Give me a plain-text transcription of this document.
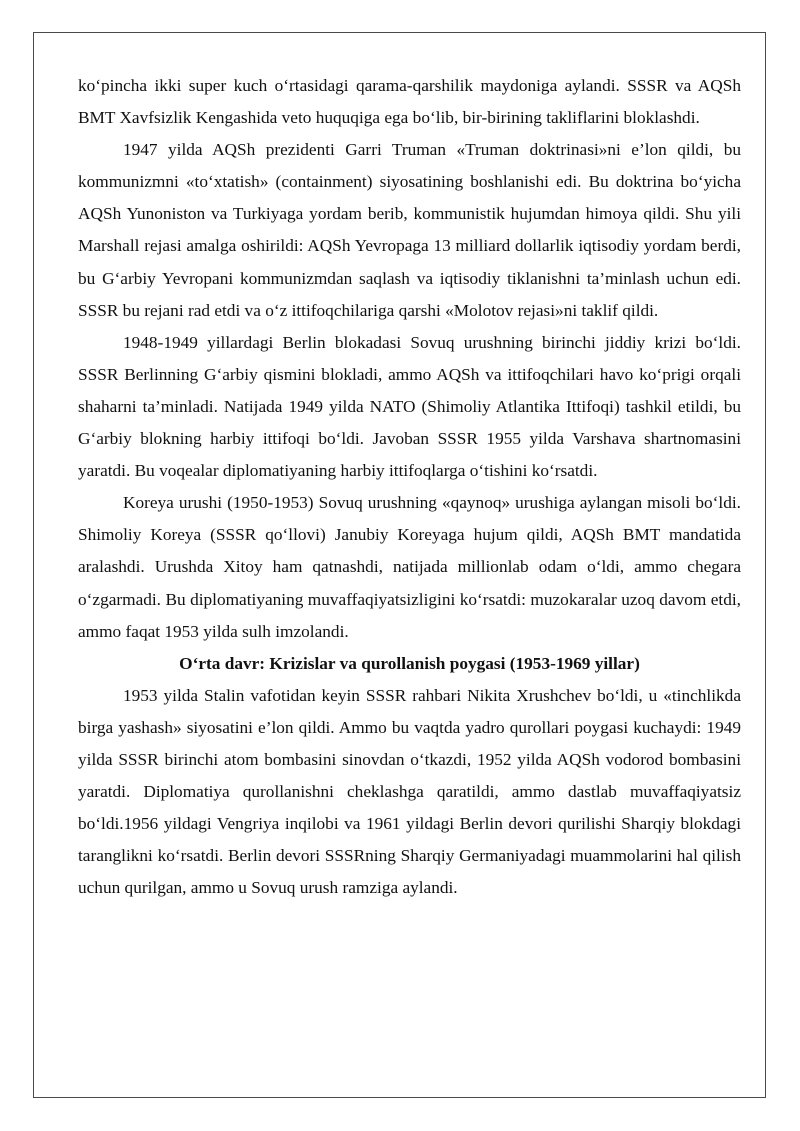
ko‘pincha ikki super kuch o‘rtasidagi qarama-qarshilik maydoniga aylandi. SSSR va AQSh BMT Xavfsizlik Kengashida veto huquqiga ega bo‘lib, bir-birining takliflarini bloklashdi.

1947 yilda AQSh prezidenti Garri Truman «Truman doktrinasi»ni e’lon qildi, bu kommunizmni «to‘xtatish» (containment) siyosatining boshlanishi edi. Bu doktrina bo‘yicha AQSh Yunoniston va Turkiyaga yordam berib, kommunistik hujumdan himoya qildi. Shu yili Marshall rejasi amalga oshirildi: AQSh Yevropaga 13 milliard dollarlik iqtisodiy yordam berdi, bu G‘arbiy Yevropani kommunizmdan saqlash va iqtisodiy tiklanishni ta’minlash uchun edi. SSSR bu rejani rad etdi va o‘z ittifoqchilariga qarshi «Molotov rejasi»ni taklif qildi.

1948-1949 yillardagi Berlin blokadasi Sovuq urushning birinchi jiddiy krizi bo‘ldi. SSSR Berlinning G‘arbiy qismini blokladi, ammo AQSh va ittifoqchilari havo ko‘prigi orqali shaharni ta’minladi. Natijada 1949 yilda NATO (Shimoliy Atlantika Ittifoqi) tashkil etildi, bu G‘arbiy blokning harbiy ittifoqi bo‘ldi. Javoban SSSR 1955 yilda Varshava shartnomasini yaratdi. Bu voqealar diplomatiyaning harbiy ittifoqlarga o‘tishini ko‘rsatdi.

Koreya urushi (1950-1953) Sovuq urushning «qaynoq» urushiga aylangan misoli bo‘ldi. Shimoliy Koreya (SSSR qo‘llovi) Janubiy Koreyaga hujum qildi, AQSh BMT mandatida aralashdi. Urushda Xitoy ham qatnashdi, natijada millionlab odam o‘ldi, ammo chegara o‘zgarmadi. Bu diplomatiyaning muvaffaqiyatsizligini ko‘rsatdi: muzokaralar uzoq davom etdi, ammo faqat 1953 yilda sulh imzolandi.

O‘rta davr: Krizislar va qurollanish poygasi (1953-1969 yillar)

1953 yilda Stalin vafotidan keyin SSSR rahbari Nikita Xrushchev bo‘ldi, u «tinchlikda birga yashash» siyosatini e’lon qildi. Ammo bu vaqtda yadro qurollari poygasi kuchaydi: 1949 yilda SSSR birinchi atom bombasini sinovdan o‘tkazdi, 1952 yilda AQSh vodorod bombasini yaratdi. Diplomatiya qurollanishni cheklashga qaratildi, ammo dastlab muvaffaqiyatsiz bo‘ldi.1956 yildagi Vengriya inqilobi va 1961 yildagi Berlin devori qurilishi Sharqiy blokdagi taranglikni ko‘rsatdi. Berlin devori SSSRning Sharqiy Germaniyadagi muammolarini hal qilish uchun qurilgan, ammo u Sovuq urush ramziga aylandi.
